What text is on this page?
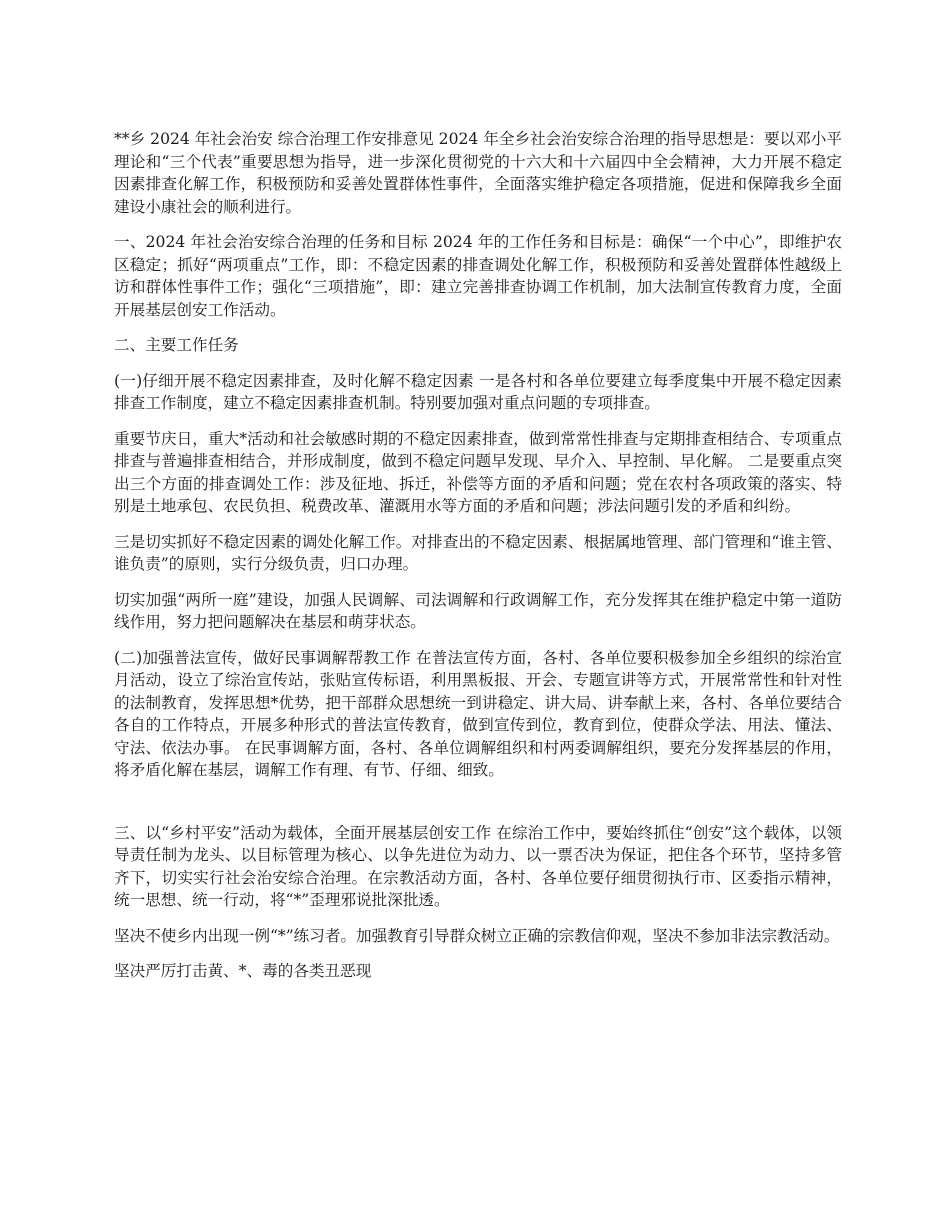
**乡 2024 年社会治安 综合治理工作安排意见 2024 年全乡社会治安综合治理的指导思想是：要以邓小平理论和“三个代表”重要思想为指导，进一步深化贯彻党的十六大和十六届四中全会精神，大力开展不稳定因素排查化解工作，积极预防和妥善处置群体性事件，全面落实维护稳定各项措施，促进和保障我乡全面建设小康社会的顺利进行。

一、2024 年社会治安综合治理的任务和目标 2024 年的工作任务和目标是：确保“一个中心”，即维护农区稳定；抓好“两项重点”工作，即：不稳定因素的排查调处化解工作，积极预防和妥善处置群体性越级上访和群体性事件工作；强化“三项措施”，即：建立完善排查协调工作机制，加大法制宣传教育力度，全面开展基层创安工作活动。

二、主要工作任务

(一)仔细开展不稳定因素排查，及时化解不稳定因素 一是各村和各单位要建立每季度集中开展不稳定因素排查工作制度，建立不稳定因素排查机制。特别要加强对重点问题的专项排查。

重要节庆日，重大*活动和社会敏感时期的不稳定因素排查，做到常常性排查与定期排查相结合、专项重点排查与普遍排查相结合，并形成制度，做到不稳定问题早发现、早介入、早控制、早化解。 二是要重点突出三个方面的排查调处工作：涉及征地、拆迁，补偿等方面的矛盾和问题；党在农村各项政策的落实、特别是土地承包、农民负担、税费改革、灌溉用水等方面的矛盾和问题；涉法问题引发的矛盾和纠纷。

三是切实抓好不稳定因素的调处化解工作。对排查出的不稳定因素、根据属地管理、部门管理和“谁主管、谁负责”的原则，实行分级负责，归口办理。

切实加强“两所一庭”建设，加强人民调解、司法调解和行政调解工作，充分发挥其在维护稳定中第一道防线作用，努力把问题解决在基层和萌芽状态。

(二)加强普法宣传，做好民事调解帮教工作 在普法宣传方面，各村、各单位要积极参加全乡组织的综治宣月活动，设立了综治宣传站，张贴宣传标语，利用黑板报、开会、专题宣讲等方式，开展常常性和针对性的法制教育，发挥思想*优势，把干部群众思想统一到讲稳定、讲大局、讲奉献上来，各村、各单位要结合各自的工作特点，开展多种形式的普法宣传教育，做到宣传到位，教育到位，使群众学法、用法、懂法、守法、依法办事。 在民事调解方面，各村、各单位调解组织和村两委调解组织，要充分发挥基层的作用，将矛盾化解在基层，调解工作有理、有节、仔细、细致。

三、以“乡村平安”活动为载体，全面开展基层创安工作 在综治工作中，要始终抓住“创安”这个载体，以领导责任制为龙头、以目标管理为核心、以争先进位为动力、以一票否决为保证，把住各个环节，坚持多管齐下，切实实行社会治安综合治理。在宗教活动方面，各村、各单位要仔细贯彻执行市、区委指示精神，统一思想、统一行动，将“*”歪理邪说批深批透。

坚决不使乡内出现一例“*”练习者。加强教育引导群众树立正确的宗教信仰观，坚决不参加非法宗教活动。

坚决严厉打击黄、*、毒的各类丑恶现
